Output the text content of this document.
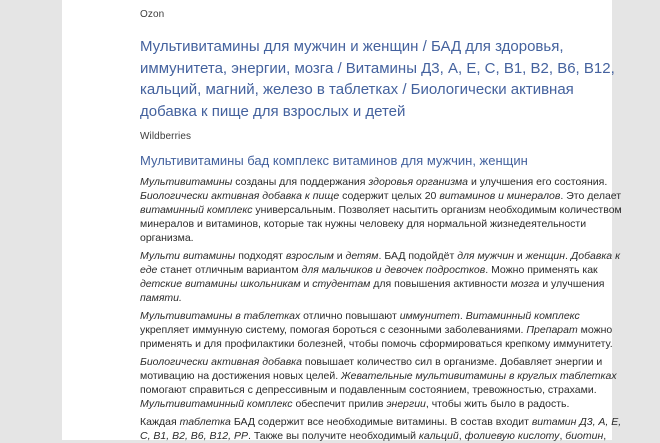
Ozon
Мультивитамины для мужчин и женщин / БАД для здоровья,
иммунитета, энергии, мозга / Витамины Д3, А, Е, С, В1, В2, В6, В12,
кальций, магний, железо в таблетках / Биологически активная
добавка к пище для взрослых и детей
Wildberries
Мультивитамины бад комплекс витаминов для мужчин, женщин
Мультивитамины созданы для поддержания здоровья организма и улучшения его состояния.
Биологически активная добавка к пище содержит целых 20 витаминов и минералов. Это делает
витаминный комплекс универсальным. Позволяет насытить организм необходимым количеством
минералов и витаминов, которые так нужны человеку для нормальной жизнедеятельности
организма.
Мульти витамины подходят взрослым и детям. БАД подойдёт для мужчин и женщин. Добавка к
еде станет отличным вариантом для мальчиков и девочек подростков. Можно применять как
детские витамины школьникам и студентам для повышения активности мозга и улучшения
памяти.
Мультивитамины в таблетках отлично повышают иммунитет. Витаминный комплекс
укрепляет иммунную систему, помогая бороться с сезонными заболеваниями. Препарат можно
применять и для профилактики болезней, чтобы помочь сформироваться крепкому иммунитету.
Биологически активная добавка повышает количество сил в организме. Добавляет энергии и
мотивацию на достижения новых целей. Жевательные мультивитамины в круглых таблетках
помогают справиться с депрессивным и подавленным состоянием, тревожностью, страхами.
Мультивитаминный комплекс обеспечит прилив энергии, чтобы жить было в радость.
Каждая таблетка БАД содержит все необходимые витамины. В состав входит витамин Д3, А, Е,
С, В1, В2, В6, В12, РР. Также вы получите необходимый кальций, фолиевую кислоту, биотин,
